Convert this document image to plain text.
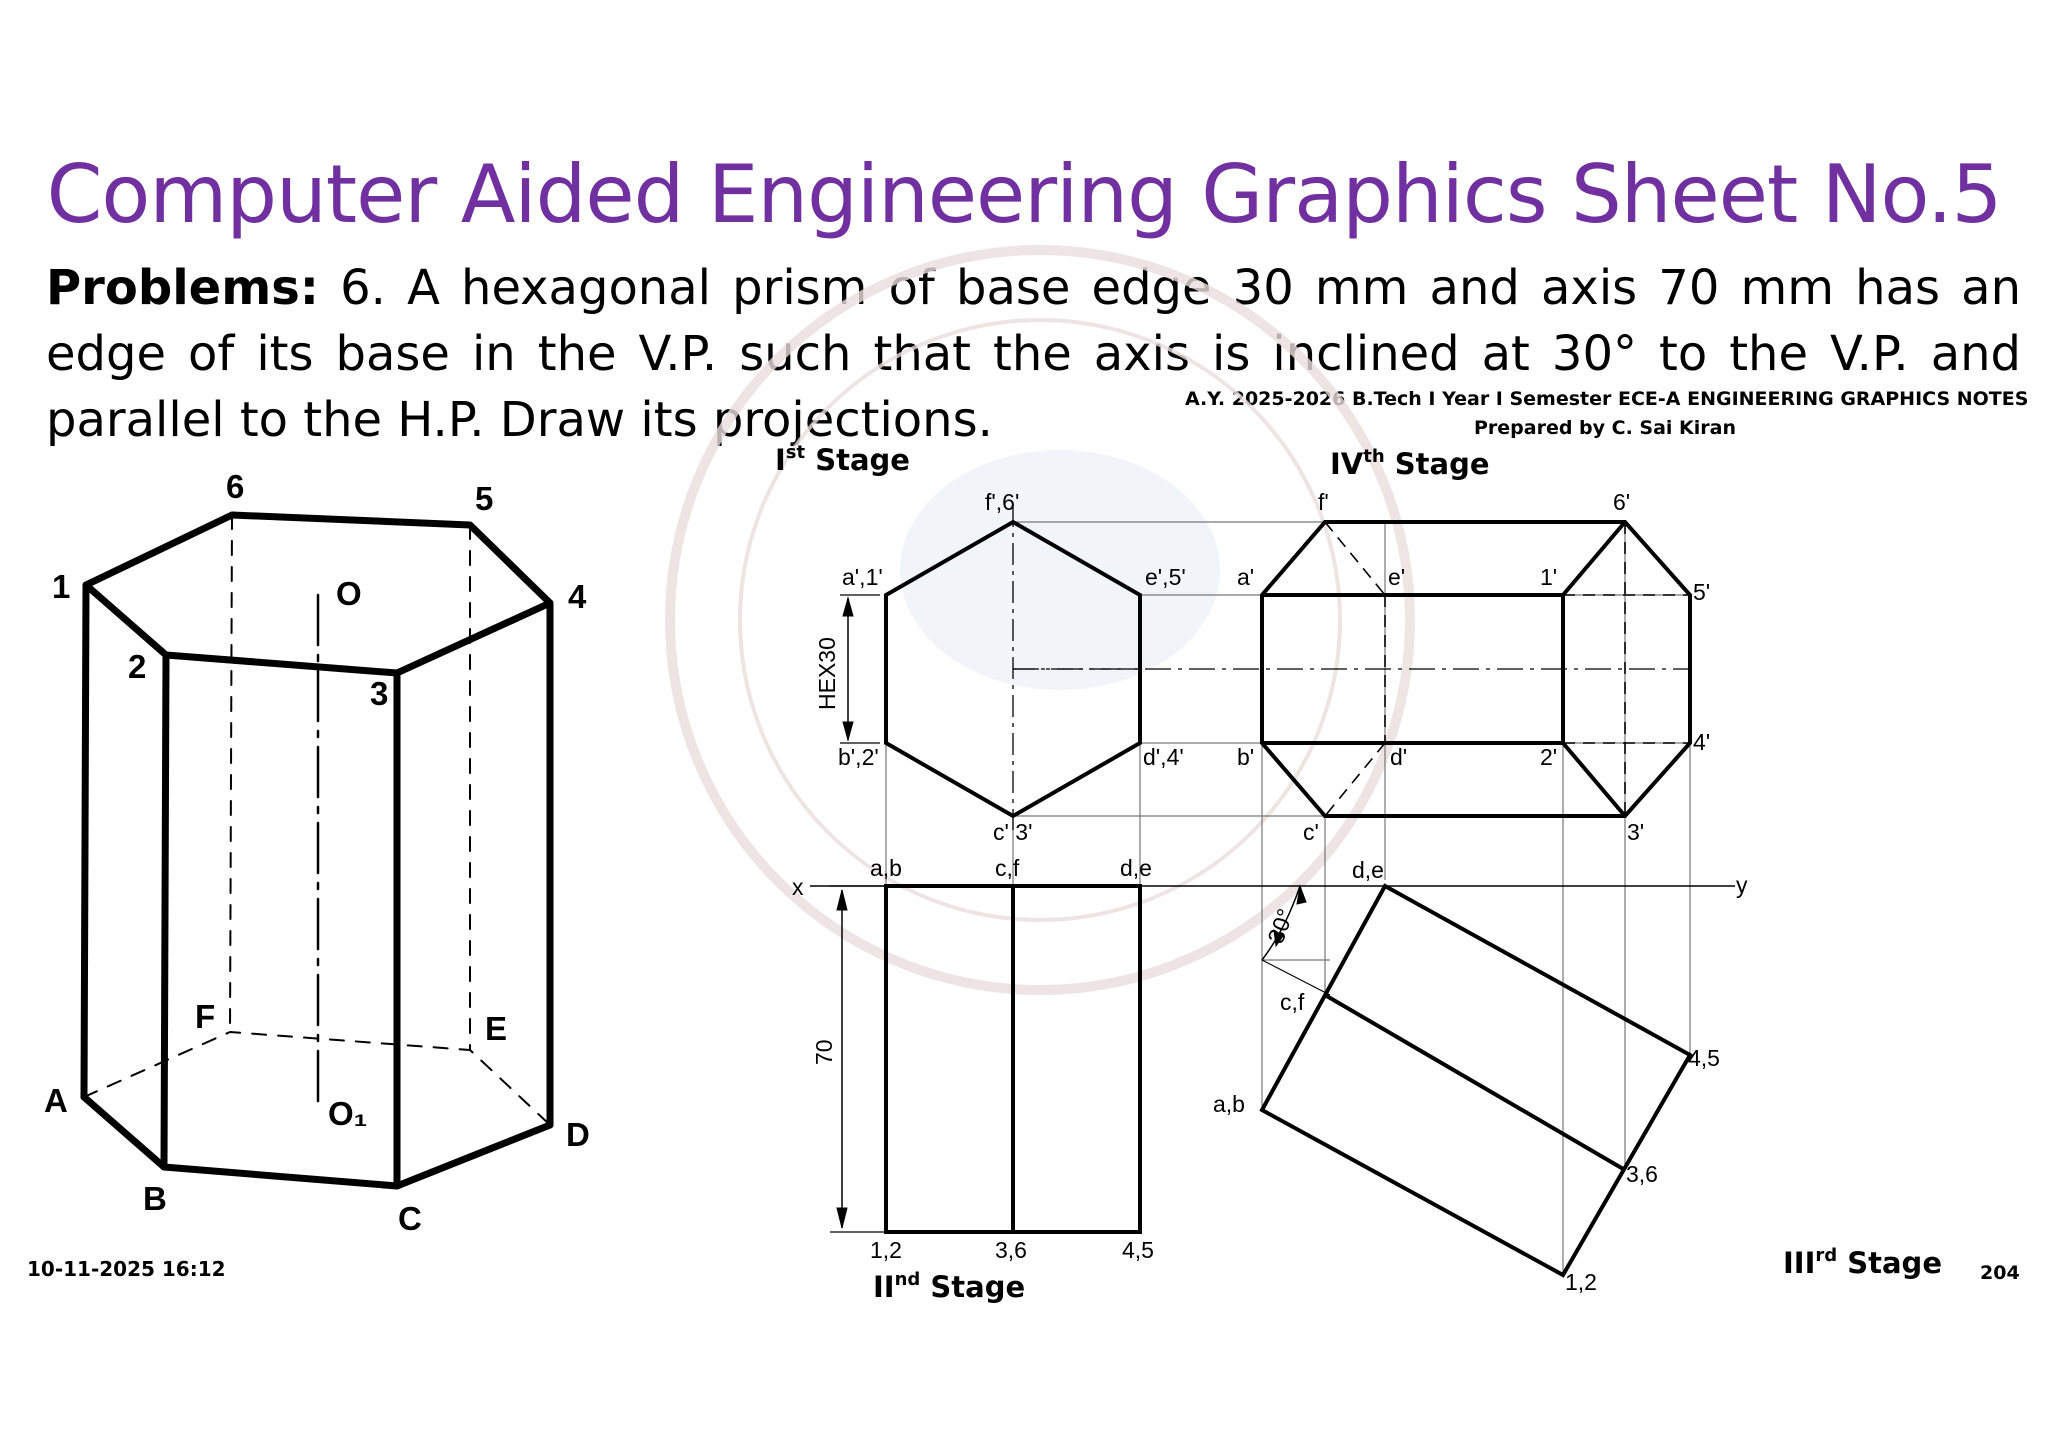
Computer Aided Engineering Graphics Sheet No.5
Problems: 6. A hexagonal prism of base edge 30 mm and axis 70 mm has an edge of its base in the V.P. such that the axis is inclined at 30° to the V.P. and parallel to the H.P. Draw its projections.	A.Y. 2025-2026 B.Tech I Year I Semester ECE-A ENGINEERING GRAPHICS NOTES
Prepared by C. Sai Kiran
10-11-2025 16:12	204
6	5
1	4
2
3
O
F	E
A
D
O₁
B
C
Ist Stage	IVth Stage
IInd Stage
IIIrd Stage
x	y
f',6'
a',1'	e',5'
b',2'	d',4'
c' 3'
HEX30
a,b	c,f	d,e
70
1,2	3,6	4,5
d,e
c,f
a,b
4,5
3,6
1,2
30°
f'	6'
a'	e'	1'
5'
b'	d'	2'
4'
c'	3'
